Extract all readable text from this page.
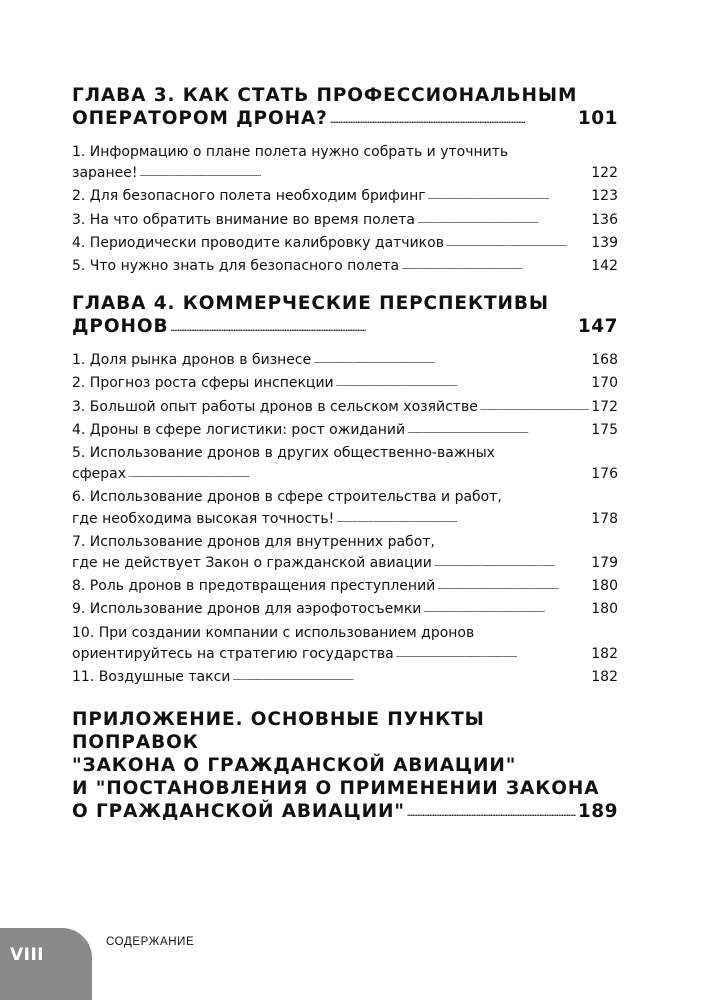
ГЛАВА 3. КАК СТАТЬ ПРОФЕССИОНАЛЬНЫМ
ОПЕРАТОРОМ ДРОНА? . . .	101
1. Информацию о плане полета нужно собрать и уточнить
заранее! . . .	122
2. Для безопасного полета необходим брифинг . . .	123
3. На что обратить внимание во время полета . . .	136
4. Периодически проводите калибровку датчиков . . .	139
5. Что нужно знать для безопасного полета . . .	142
ГЛАВА 4. КОММЕРЧЕСКИЕ ПЕРСПЕКТИВЫ
ДРОНОВ . . .	147
1. Доля рынка дронов в бизнесе . . .	168
2. Прогноз роста сферы инспекции . . .	170
3. Большой опыт работы дронов в сельском хозяйстве . . .	172
4. Дроны в сфере логистики: рост ожиданий . . .	175
5. Использование дронов в других общественно-важных
сферах . . .	176
6. Использование дронов в сфере строительства и работ,
где необходима высокая точность! . . .	178
7. Использование дронов для внутренних работ,
где не действует Закон о гражданской авиации . . .	179
8. Роль дронов в предотвращения преступлений . . .	180
9. Использование дронов для аэрофотосъемки . . .	180
10. При создании компании с использованием дронов
ориентируйтесь на стратегию государства . . .	182
11. Воздушные такси . . .	182
ПРИЛОЖЕНИЕ. ОСНОВНЫЕ ПУНКТЫ ПОПРАВОК
"ЗАКОНА О ГРАЖДАНСКОЙ АВИАЦИИ"
И "ПОСТАНОВЛЕНИЯ О ПРИМЕНЕНИИ ЗАКОНА
О ГРАЖДАНСКОЙ АВИАЦИИ" . . .	189
VIII
СОДЕРЖАНИЕ
